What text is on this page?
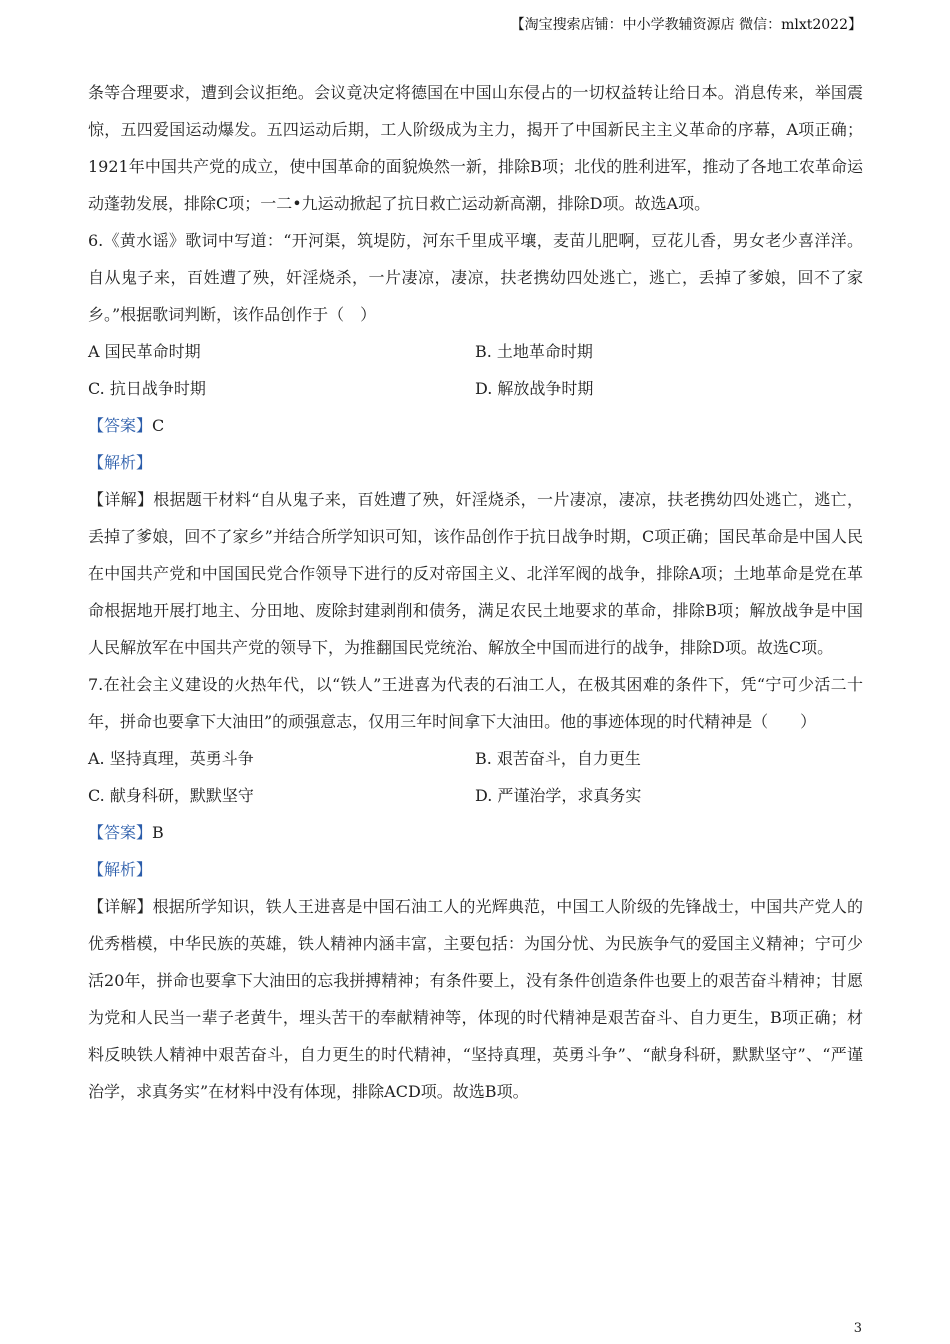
【淘宝搜索店铺：中小学教辅资源店 微信：mlxt2022】

条等合理要求，遭到会议拒绝。会议竟决定将德国在中国山东侵占的一切权益转让给日本。消息传来，举国震惊，五四爱国运动爆发。五四运动后期，工人阶级成为主力，揭开了中国新民主主义革命的序幕，A项正确；1921年中国共产党的成立，使中国革命的面貌焕然一新，排除B项；北伐的胜利进军，推动了各地工农革命运动蓬勃发展，排除C项；一二•九运动掀起了抗日救亡运动新高潮，排除D项。故选A项。

6.《黄水谣》歌词中写道：“开河渠，筑堤防，河东千里成平壤，麦苗儿肥啊，豆花儿香，男女老少喜洋洋。自从鬼子来，百姓遭了殃，奸淫烧杀，一片凄凉，凄凉，扶老携幼四处逃亡，逃亡，丢掉了爹娘，回不了家乡。”根据歌词判断，该作品创作于（　）

A 国民革命时期	B. 土地革命时期
C. 抗日战争时期	D. 解放战争时期

【答案】C

【解析】

【详解】根据题干材料“自从鬼子来，百姓遭了殃，奸淫烧杀，一片凄凉，凄凉，扶老携幼四处逃亡，逃亡，丢掉了爹娘，回不了家乡”并结合所学知识可知，该作品创作于抗日战争时期，C项正确；国民革命是中国人民在中国共产党和中国国民党合作领导下进行的反对帝国主义、北洋军阀的战争，排除A项；土地革命是党在革命根据地开展打地主、分田地、废除封建剥削和债务，满足农民土地要求的革命，排除B项；解放战争是中国人民解放军在中国共产党的领导下，为推翻国民党统治、解放全中国而进行的战争，排除D项。故选C项。

7.在社会主义建设的火热年代，以“铁人”王进喜为代表的石油工人，在极其困难的条件下，凭“宁可少活二十年，拼命也要拿下大油田”的顽强意志，仅用三年时间拿下大油田。他的事迹体现的时代精神是（　　）

A. 坚持真理，英勇斗争	B. 艰苦奋斗，自力更生
C. 献身科研，默默坚守	D. 严谨治学，求真务实

【答案】B

【解析】

【详解】根据所学知识，铁人王进喜是中国石油工人的光辉典范，中国工人阶级的先锋战士，中国共产党人的优秀楷模，中华民族的英雄，铁人精神内涵丰富，主要包括：为国分忧、为民族争气的爱国主义精神；宁可少活20年，拼命也要拿下大油田的忘我拼搏精神；有条件要上，没有条件创造条件也要上的艰苦奋斗精神；甘愿为党和人民当一辈子老黄牛，埋头苦干的奉献精神等，体现的时代精神是艰苦奋斗、自力更生，B项正确；材料反映铁人精神中艰苦奋斗，自力更生的时代精神，“坚持真理，英勇斗争”、“献身科研，默默坚守”、“严谨治学，求真务实”在材料中没有体现，排除ACD项。故选B项。

3
